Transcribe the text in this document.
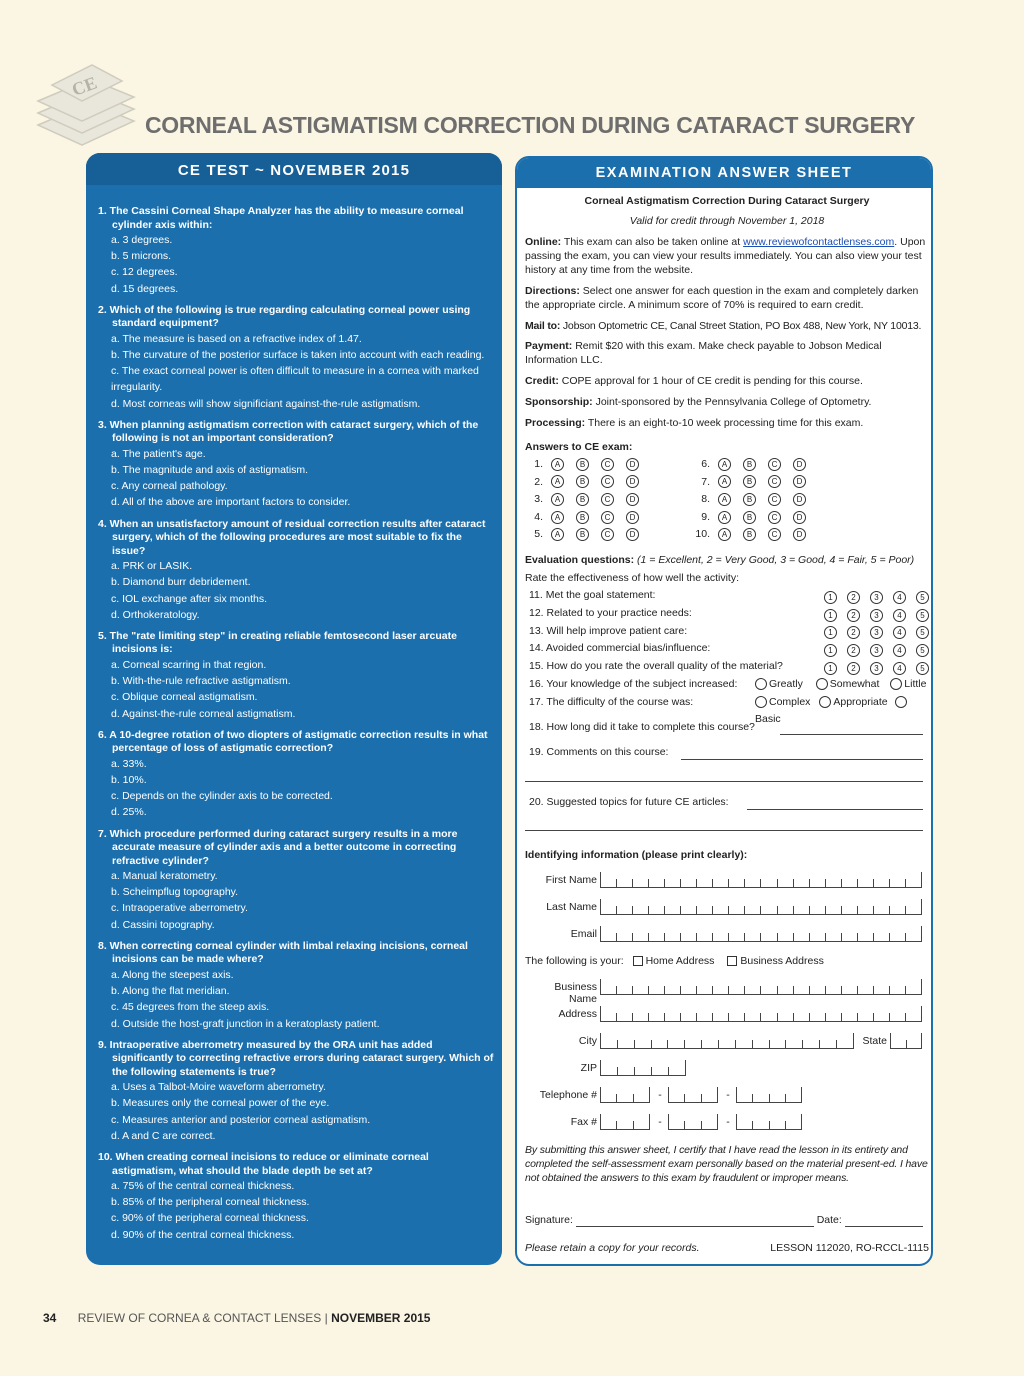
CE
CORNEAL ASTIGMATISM CORRECTION DURING CATARACT SURGERY
CE TEST ~ NOVEMBER 2015
1. The Cassini Corneal Shape Analyzer has the ability to measure corneal cylinder axis within:
a. 3 degrees.
b. 5 microns.
c. 12 degrees.
d. 15 degrees.
2. Which of the following is true regarding calculating corneal power using standard equipment?
a. The measure is based on a refractive index of 1.47.
b. The curvature of the posterior surface is taken into account with each reading.
c. The exact corneal power is often difficult to measure in a cornea with marked irregularity.
d. Most corneas will show significiant against-the-rule astigmatism.
3. When planning astigmatism correction with cataract surgery, which of the following is not an important consideration?
a. The patient's age.
b. The magnitude and axis of astigmatism.
c. Any corneal pathology.
d. All of the above are important factors to consider.
4. When an unsatisfactory amount of residual correction results after cataract surgery, which of the following procedures are most suitable to fix the issue?
a. PRK or LASIK.
b. Diamond burr debridement.
c. IOL exchange after six months.
d. Orthokeratology.
5. The "rate limiting step" in creating reliable femtosecond laser arcuate incisions is:
a. Corneal scarring in that region.
b. With-the-rule refractive astigmatism.
c. Oblique corneal astigmatism.
d. Against-the-rule corneal astigmatism.
6. A 10-degree rotation of two diopters of astigmatic correction results in what percentage of loss of astigmatic correction?
a. 33%.
b. 10%.
c. Depends on the cylinder axis to be corrected.
d. 25%.
7. Which procedure performed during cataract surgery results in a more accurate measure of cylinder axis and a better outcome in correcting refractive cylinder?
a. Manual keratometry.
b. Scheimpflug topography.
c. Intraoperative aberrometry.
d. Cassini topography.
8. When correcting corneal cylinder with limbal relaxing incisions, corneal incisions can be made where?
a. Along the steepest axis.
b. Along the flat meridian.
c. 45 degrees from the steep axis.
d. Outside the host-graft junction in a keratoplasty patient.
9. Intraoperative aberrometry measured by the ORA unit has added significantly to correcting refractive errors during cataract surgery. Which of the following statements is true?
a. Uses a Talbot-Moire waveform aberrometry.
b. Measures only the corneal power of the eye.
c. Measures anterior and posterior corneal astigmatism.
d. A and C are correct.
10. When creating corneal incisions to reduce or eliminate corneal astigmatism, what should the blade depth be set at?
a. 75% of the central corneal thickness.
b. 85% of the peripheral corneal thickness.
c. 90% of the peripheral corneal thickness.
d. 90% of the central corneal thickness.
EXAMINATION ANSWER SHEET
Corneal Astigmatism Correction During Cataract Surgery
Valid for credit through November 1, 2018
Online: This exam can also be taken online at www.reviewofcontactlenses.com. Upon passing the exam, you can view your results immediately. You can also view your test history at any time from the website.
Directions: Select one answer for each question in the exam and completely darken the appropriate circle. A minimum score of 70% is required to earn credit.
Mail to: Jobson Optometric CE, Canal Street Station, PO Box 488, New York, NY 10013.
Payment: Remit $20 with this exam. Make check payable to Jobson Medical Information LLC.
Credit: COPE approval for 1 hour of CE credit is pending for this course.
Sponsorship: Joint-sponsored by the Pennsylvania College of Optometry.
Processing: There is an eight-to-10 week processing time for this exam.
Answers to CE exam:
1. A B C D
2. A B C D
3. A B C D
4. A B C D
5. A B C D
6. A B C D
7. A B C D
8. A B C D
9. A B C D
10. A B C D
Evaluation questions: (1 = Excellent, 2 = Very Good, 3 = Good, 4 = Fair, 5 = Poor)
Rate the effectiveness of how well the activity:
11. Met the goal statement:	1 2 3 4 5
12. Related to your practice needs:	1 2 3 4 5
13. Will help improve patient care:	1 2 3 4 5
14. Avoided commercial bias/influence:	1 2 3 4 5
15. How do you rate the overall quality of the material?	1 2 3 4 5
16. Your knowledge of the subject increased:	Greatly	Somewhat Little
17. The difficulty of the course was:	Complex Appropriate Basic
18. How long did it take to complete this course?
19. Comments on this course:
20. Suggested topics for future CE articles:
Identifying information (please print clearly):
First Name
Last Name
Email
The following is your: Home Address Business Address
Business Name
Address
City	State
ZIP
Telephone #	-	-
Fax #	-	-
By submitting this answer sheet, I certify that I have read the lesson in its entirety and completed the self-assessment exam personally based on the material present-ed. I have not obtained the answers to this exam by fraudulent or improper means.
Signature:	Date:
Please retain a copy for your records.	LESSON 112020, RO-RCCL-1115
34 REVIEW OF CORNEA & CONTACT LENSES | NOVEMBER 2015
